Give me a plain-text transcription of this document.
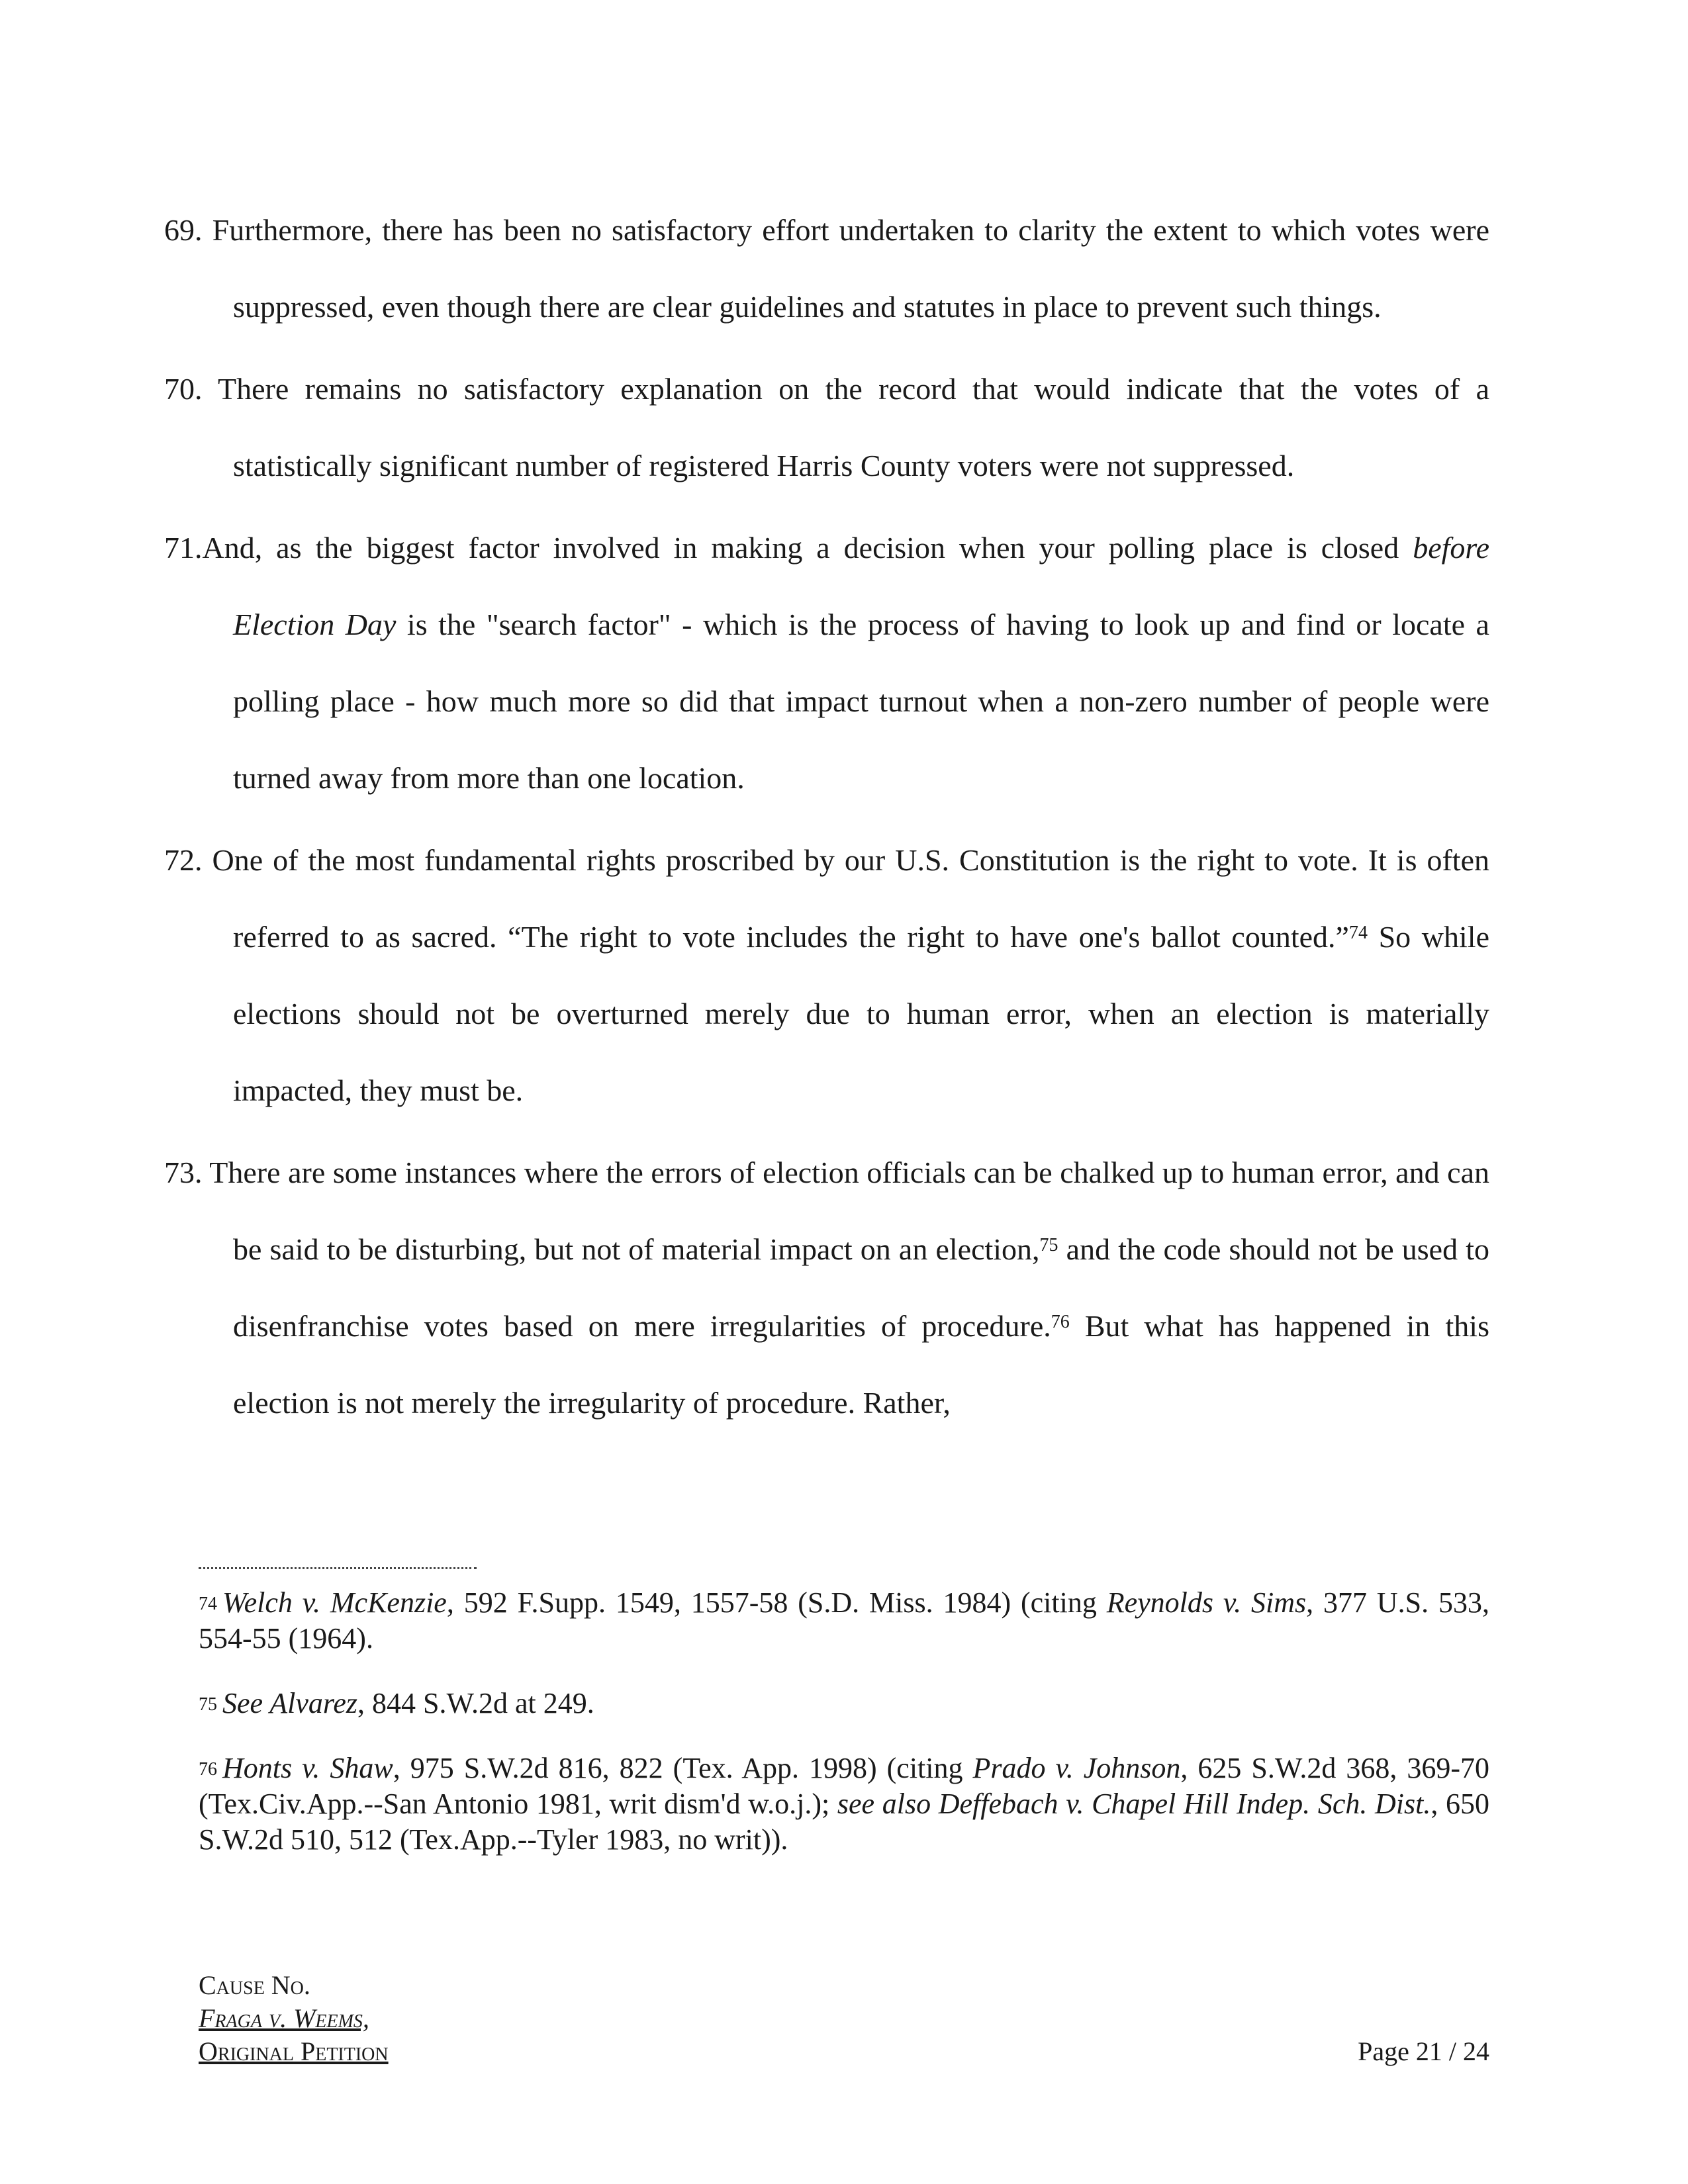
69. Furthermore, there has been no satisfactory effort undertaken to clarity the extent to which votes were suppressed, even though there are clear guidelines and statutes in place to prevent such things.

70. There remains no satisfactory explanation on the record that would indicate that the votes of a statistically significant number of registered Harris County voters were not suppressed.

71.And, as the biggest factor involved in making a decision when your polling place is closed before Election Day is the "search factor" - which is the process of having to look up and find or locate a polling place - how much more so did that impact turnout when a non-zero number of people were turned away from more than one location.

72. One of the most fundamental rights proscribed by our U.S. Constitution is the right to vote. It is often referred to as sacred. “The right to vote includes the right to have one's ballot counted.”$^{74}$ So while elections should not be overturned merely due to human error, when an election is materially impacted, they must be.

73. There are some instances where the errors of election officials can be chalked up to human error, and can be said to be disturbing, but not of material impact on an election,$^{75}$ and the code should not be used to disenfranchise votes based on mere irregularities of procedure.$^{76}$ But what has happened in this election is not merely the irregularity of procedure. Rather,

$^{74}$ Welch v. McKenzie, 592 F.Supp. 1549, 1557-58 (S.D. Miss. 1984) (citing Reynolds v. Sims, 377 U.S. 533, 554-55 (1964).

$^{75}$ See Alvarez, 844 S.W.2d at 249.

$^{76}$ Honts v. Shaw, 975 S.W.2d 816, 822 (Tex. App. 1998) (citing Prado v. Johnson, 625 S.W.2d 368, 369-70 (Tex.Civ.App.--San Antonio 1981, writ dism'd w.o.j.); see also Deffebach v. Chapel Hill Indep. Sch. Dist., 650 S.W.2d 510, 512 (Tex.App.--Tyler 1983, no writ)).

Cause No.
Fraga v. Weems,
Original Petition	Page 21 / 24
